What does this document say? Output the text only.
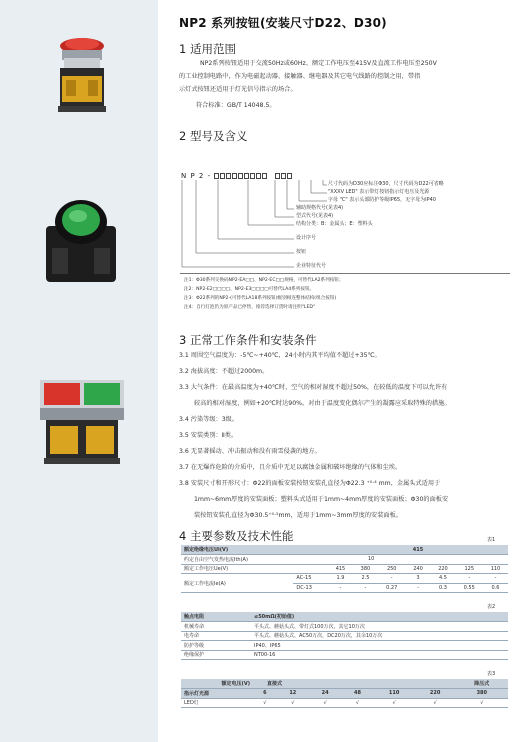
NP2 系列按钮(安装尺寸D22、D30)
1 适用范围
NP2系列按钮适用于交流50Hz或60Hz、额定工作电压至415V及直流工作电压至250V
的工业控制电路中，作为电磁起动器、接触器、继电器及其它电气线路的控制之用，带指
示灯式按钮还适用于灯光信号指示的场合。
符合标准：GB/T 14048.5。
2 型号及含义
N P 2 -
尺寸代码为D30应标注Φ30，尺寸代码为D22可省略
"XXXV LED" 表示带灯按钮指示灯电压及光源
字母 "C" 表示头部防护等级IP65，无字母为IP40
辅助规格代号(见表4)
型式代号(见表4)
结构分类：B：金属头；E：塑料头
设计序号
按钮
企业特征代号
注1：Φ30系列交换码NP2-EA□□、NP2-EC□□规格，可替代LA2系列按钮；
注2：NP2-E2□□□□、NP2-E3□□□□可替代LA4系列按钮。
注3：Φ22系列的NP2-(可替代LA18系列按钮)级别相连整体结构(组合按钮)
注4：自行灯泡仍为原产品已停售，推荐选择订货时请注明"LED"
3 正常工作条件和安装条件
3.1 周围空气温度为：-5℃~+40℃，24小时内其平均值不超过+35℃。
3.2 海拔高度：不超过2000m。
3.3 大气条件：在最高温度为+40℃时，空气的相对湿度不超过50%，在较低的温度下可以允许有
较高的相对湿度，例如+20℃时达90%。对由于温度变化偶尔产生的凝露应采取特殊的措施。
3.4 污染等级：3级。
3.5 安装类别：Ⅱ类。
3.6 无显著摇动、冲击振动和没有雨雪侵袭的地方。
3.7 在无爆炸危险的介质中，且介质中无足以腐蚀金属和破坏绝缘的气体和尘埃。
3.8 安装尺寸和开形尺寸：Φ22的面板安装按钮安装孔直径为Φ22.3 ⁺⁰·⁴ mm，金属头式适用于
1mm~6mm厚度的安装面板；塑料头式适用于1mm~4mm厚度的安装面板；Φ30的面板安
装按钮安装孔直径为Φ30.5⁺⁰·⁵mm，适用于1mm~3mm厚度的安装面板。
4 主要参数及技术性能	表1
额定绝缘电压Ui(V)		415						
约定自由空气发热电流Ith(A)		10						
额定工作电压Ue(V)		415	380	250	240	220	125	110
额定工作电流Ie(A)	AC-15	1.9	2.5	-	3	4.5	-	-
	DC-13	-	-	0.27	-	0.3	0.55	0.6
表2
触点电阻	≤50mΩ(初始值)
机械寿命	平头式、蘑菇头式、带灯式100万次，其它10万次
电寿命	平头式、蘑菇头式、AC50万次，DC20万次，其余10万次
防护等级	IP40、IP65
绝缘保护	NT00-16
表3
额定电压(V)	直接式						降压式
指示灯光源	6	12	24	48	110	220	380
LED灯	√	√	√	√	√	√	√
